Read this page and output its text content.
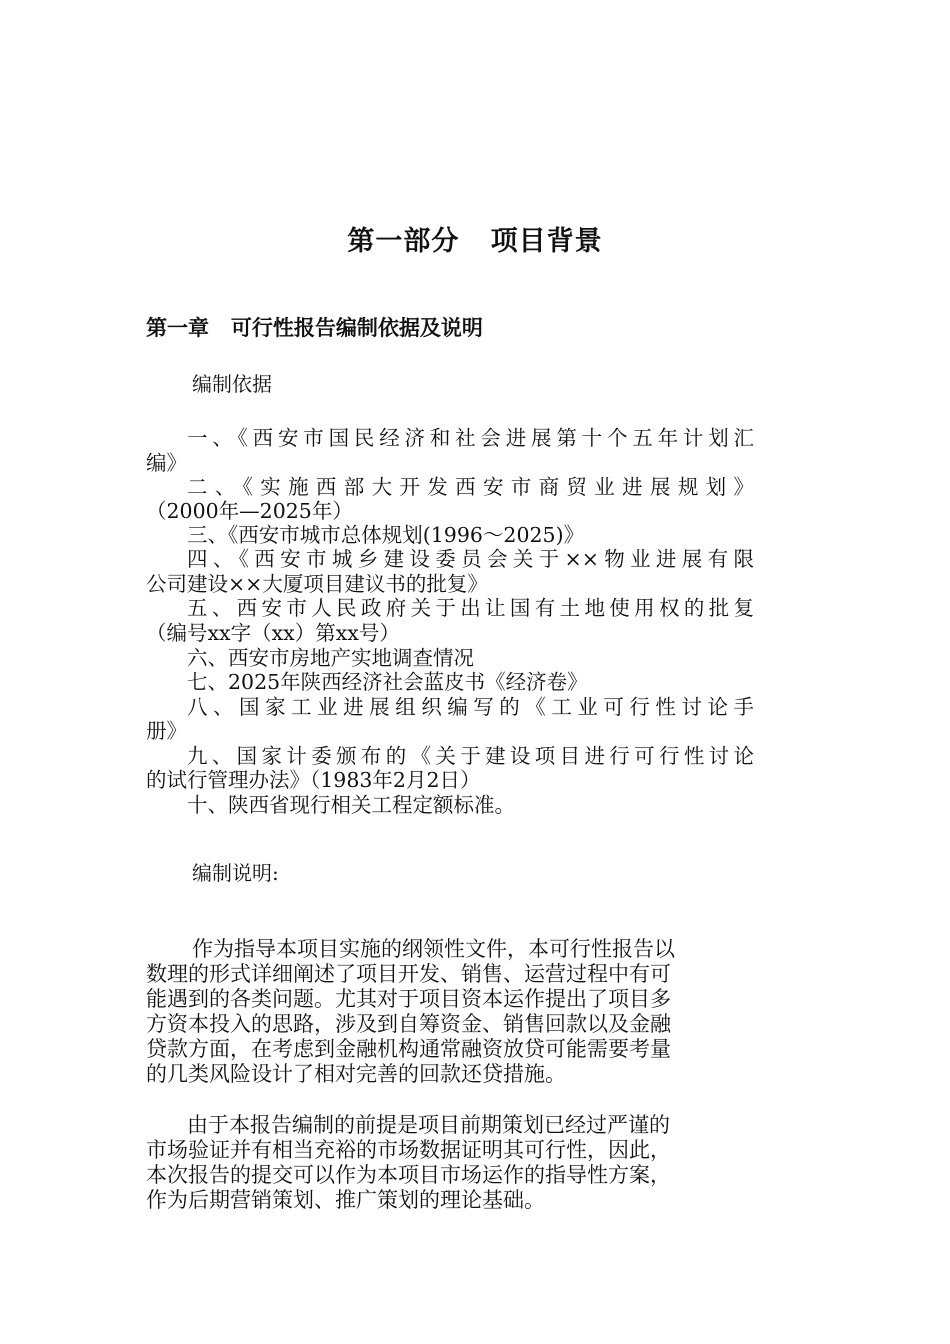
第一部分   项目背景
第一章   可行性报告编制依据及说明
编制依据
一、《西安市国民经济和社会进展第十个五年计划汇
编》
二、《实施西部大开发西安市商贸业进展规划》
（2000年—2025年）
三、《西安市城市总体规划(1996～2025)》
四、《西安市城乡建设委员会关于××物业进展有限
公司建设××大厦项目建议书的批复》
五、西安市人民政府关于出让国有土地使用权的批复
（编号xx字（xx）第xx号）
六、西安市房地产实地调查情况
七、2025年陕西经济社会蓝皮书《经济卷》
八、国家工业进展组织编写的《工业可行性讨论手
册》
九、国家计委颁布的《关于建设项目进行可行性讨论
的试行管理办法》（1983年2月2日）
十、陕西省现行相关工程定额标准。
编制说明:
作为指导本项目实施的纲领性文件，本可行性报告以
数理的形式详细阐述了项目开发、销售、运营过程中有可
能遇到的各类问题。尤其对于项目资本运作提出了项目多
方资本投入的思路，涉及到自筹资金、销售回款以及金融
贷款方面，在考虑到金融机构通常融资放贷可能需要考量
的几类风险设计了相对完善的回款还贷措施。
由于本报告编制的前提是项目前期策划已经过严谨的
市场验证并有相当充裕的市场数据证明其可行性，因此，
本次报告的提交可以作为本项目市场运作的指导性方案，
作为后期营销策划、推广策划的理论基础。
